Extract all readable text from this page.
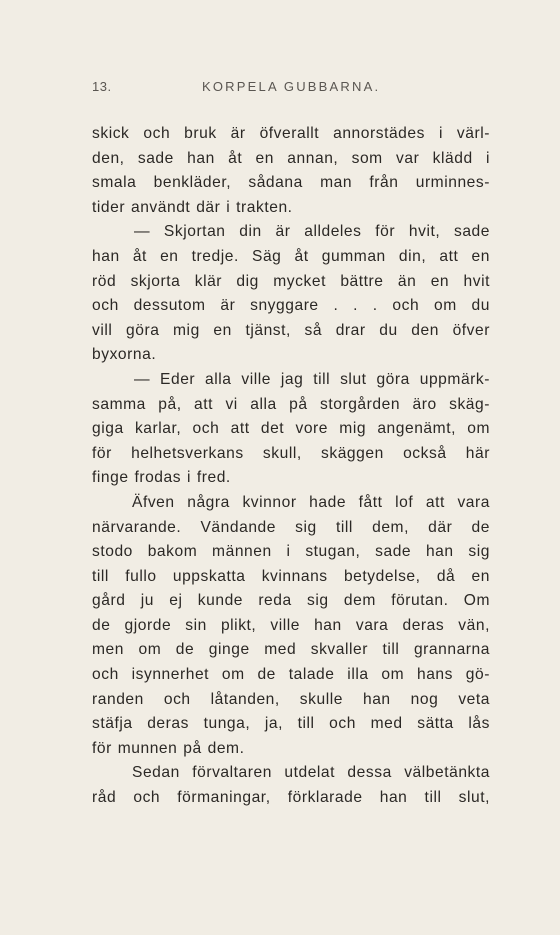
13.	KORPELA GUBBARNA.
skick och bruk är öfverallt annorstädes i värl-
den, sade han åt en annan, som var klädd i
smala benkläder, sådana man från urminnes-
tider användt där i trakten.
— Skjortan din är alldeles för hvit, sade
han åt en tredje. Säg åt gumman din, att en
röd skjorta klär dig mycket bättre än en hvit
och dessutom är snyggare . . . och om du
vill göra mig en tjänst, så drar du den öfver
byxorna.
— Eder alla ville jag till slut göra uppmärk-
samma på, att vi alla på storgården äro skäg-
giga karlar, och att det vore mig angenämt, om
för helhetsverkans skull, skäggen också här
finge frodas i fred.
Äfven några kvinnor hade fått lof att vara
närvarande. Vändande sig till dem, där de
stodo bakom männen i stugan, sade han sig
till fullo uppskatta kvinnans betydelse, då en
gård ju ej kunde reda sig dem förutan. Om
de gjorde sin plikt, ville han vara deras vän,
men om de ginge med skvaller till grannarna
och isynnerhet om de talade illa om hans gö-
randen och låtanden, skulle han nog veta
stäfja deras tunga, ja, till och med sätta lås
för munnen på dem.
Sedan förvaltaren utdelat dessa välbetänkta
råd och förmaningar, förklarade han till slut,
